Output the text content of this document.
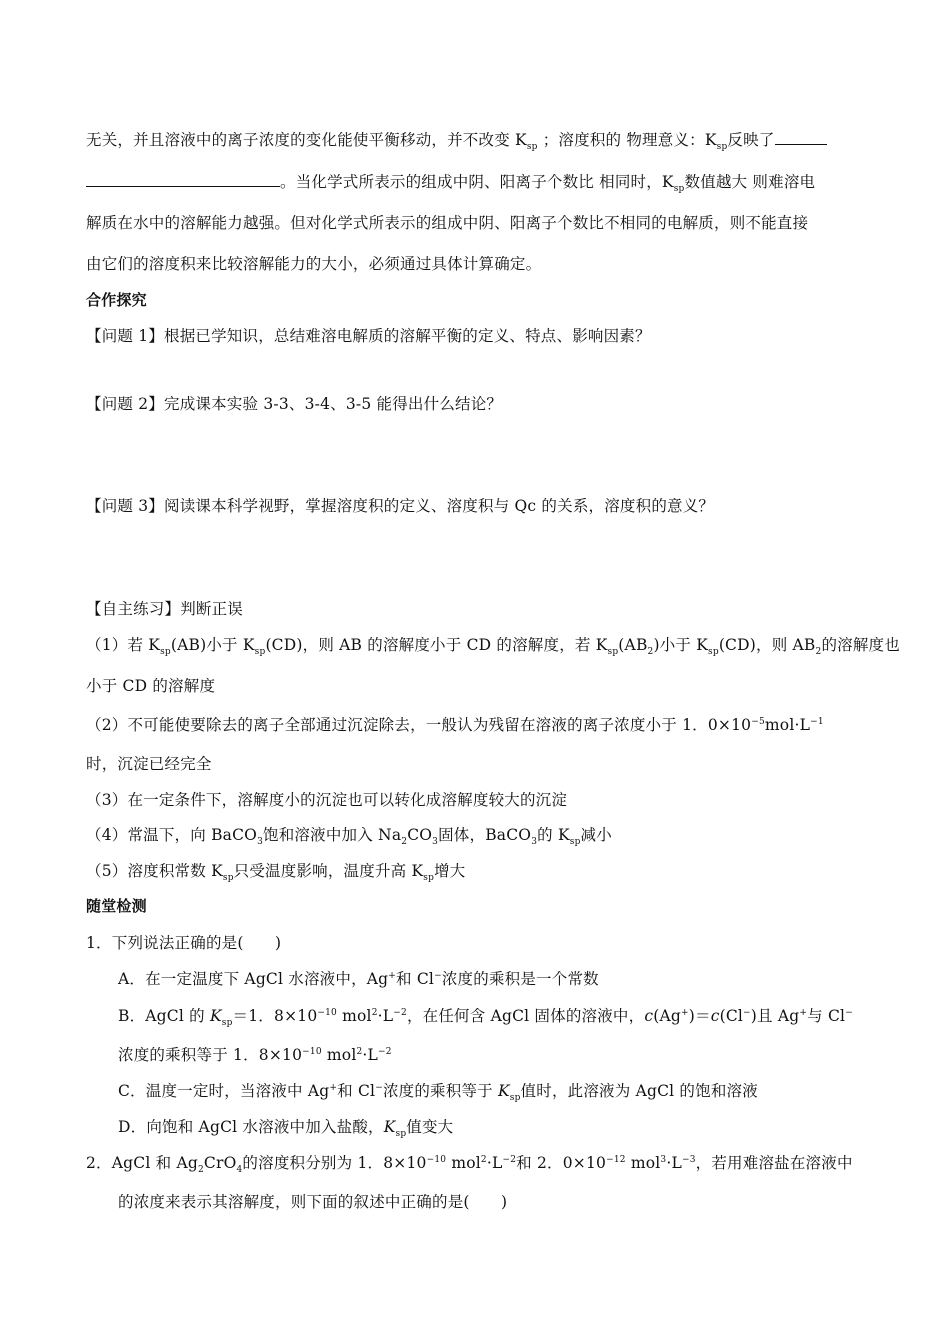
无关，并且溶液中的离子浓度的变化能使平衡移动，并不改变 $K_{sp}$ ；溶度积的 物理意义：$K_{sp}$反映了
。当化学式所表示的组成中阴、阳离子个数比 相同时，$K_{sp}$数值越大 则难溶电
解质在水中的溶解能力越强。但对化学式所表示的组成中阴、阳离子个数比不相同的电解质，则不能直接
由它们的溶度积来比较溶解能力的大小，必须通过具体计算确定。
合作探究
【问题 1】根据已学知识，总结难溶电解质的溶解平衡的定义、特点、影响因素？
【问题 2】完成课本实验 3-3、3-4、3-5 能得出什么结论？
【问题 3】阅读课本科学视野，掌握溶度积的定义、溶度积与 Qc 的关系，溶度积的意义？
【自主练习】判断正误
（1）若 $K_{sp}(AB)$小于 $K_{sp}(CD)$，则 AB 的溶解度小于 CD 的溶解度，若 $K_{sp}(AB_2)$小于 $K_{sp}(CD)$，则 $AB_2$的溶解度也
小于 CD 的溶解度
（2）不可能使要除去的离子全部通过沉淀除去，一般认为残留在溶液的离子浓度小于 1．$0\times 10^{-5}mol\cdot L^{-1}$
时，沉淀已经完全
（3）在一定条件下，溶解度小的沉淀也可以转化成溶解度较大的沉淀
（4）常温下，向 BaCO$_3$饱和溶液中加入 $Na_2CO_3$固体，BaCO$_3$的 $K_{sp}$减小
（5）溶度积常数 $K_{sp}$只受温度影响，温度升高 $K_{sp}$增大
随堂检测
1．下列说法正确的是(　　)
A．在一定温度下 AgCl 水溶液中，Ag+和 Cl−浓度的乘积是一个常数
B．AgCl 的 $K_{sp}=1$．$8\times 10^{-10}$ $mol^2\cdot L^{-2}$，在任何含 AgCl 固体的溶液中，c(Ag+)＝c(Cl−)且 Ag+与 Cl−
浓度的乘积等于 1．$8\times 10^{-10}$ $mol^2\cdot L^{-2}$
C．温度一定时，当溶液中 Ag+和 Cl−浓度的乘积等于 $K_{sp}$值时，此溶液为 AgCl 的饱和溶液
D．向饱和 AgCl 水溶液中加入盐酸，$K_{sp}$值变大
2．AgCl 和 $Ag_2CrO_4$的溶度积分别为 1．$8\times 10^{-10}$ $mol^2\cdot L^{-2}$和 2．$0\times 10^{-12}$ $mol^3\cdot L^{-3}$，若用难溶盐在溶液中
的浓度来表示其溶解度，则下面的叙述中正确的是(　　)
